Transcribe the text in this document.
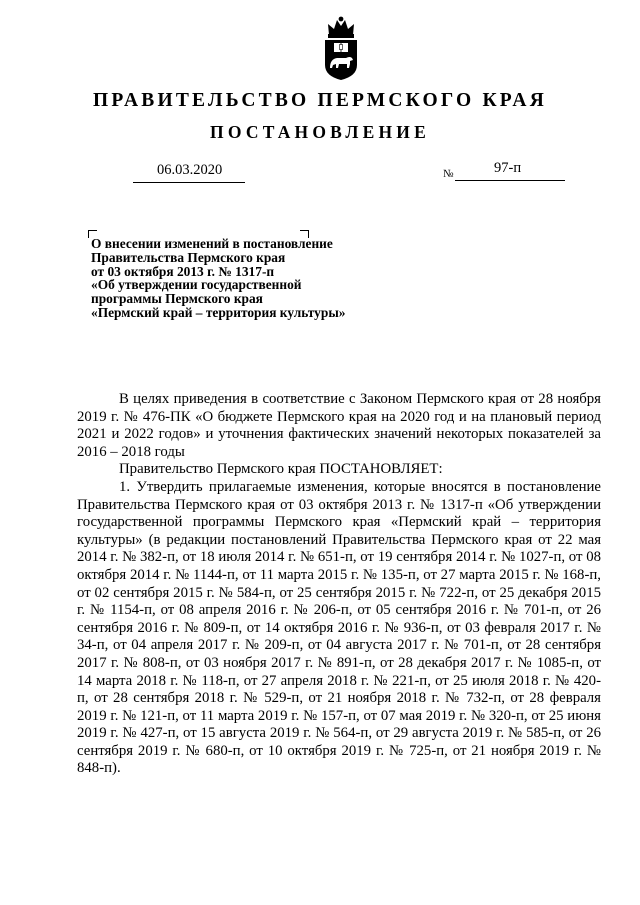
ПРАВИТЕЛЬСТВО ПЕРМСКОГО КРАЯ
ПОСТАНОВЛЕНИЕ
06.03.2020	№	97-п
О внесении изменений в постановление
Правительства Пермского края
от 03 октября 2013 г. № 1317-п
«Об утверждении государственной
программы Пермского края
«Пермский край – территория культуры»

В целях приведения в соответствие с Законом Пермского края от 28 ноября 2019 г. № 476-ПК «О бюджете Пермского края на 2020 год и на плановый период 2021 и 2022 годов» и уточнения фактических значений некоторых показателей за 2016 – 2018 годы

Правительство Пермского края ПОСТАНОВЛЯЕТ:

1. Утвердить прилагаемые изменения, которые вносятся в постановление Правительства Пермского края от 03 октября 2013 г. № 1317-п «Об утверждении государственной программы Пермского края «Пермский край – территория культуры» (в редакции постановлений Правительства Пермского края от 22 мая 2014 г. № 382-п, от 18 июля 2014 г. № 651-п, от 19 сентября 2014 г. № 1027-п, от 08 октября 2014 г. № 1144-п, от 11 марта 2015 г. № 135-п, от 27 марта 2015 г. № 168-п, от 02 сентября 2015 г. № 584-п, от 25 сентября 2015 г. № 722-п, от 25 декабря 2015 г. № 1154-п, от 08 апреля 2016 г. № 206-п, от 05 сентября 2016 г. № 701-п, от 26 сентября 2016 г. № 809-п, от 14 октября 2016 г. № 936-п, от 03 февраля 2017 г. № 34-п, от 04 апреля 2017 г. № 209-п, от 04 августа 2017 г. № 701-п, от 28 сентября 2017 г. № 808-п, от 03 ноября 2017 г. № 891-п, от 28 декабря 2017 г. № 1085-п, от 14 марта 2018 г. № 118-п, от 27 апреля 2018 г. № 221-п, от 25 июля 2018 г. № 420-п, от 28 сентября 2018 г. № 529-п, от 21 ноября 2018 г. № 732-п, от 28 февраля 2019 г. № 121-п, от 11 марта 2019 г. № 157-п, от 07 мая 2019 г. № 320-п, от 25 июня 2019 г. № 427-п, от 15 августа 2019 г. № 564-п, от 29 августа 2019 г. № 585-п, от 26 сентября 2019 г. № 680-п, от 10 октября 2019 г. № 725-п, от 21 ноября 2019 г. № 848-п).
